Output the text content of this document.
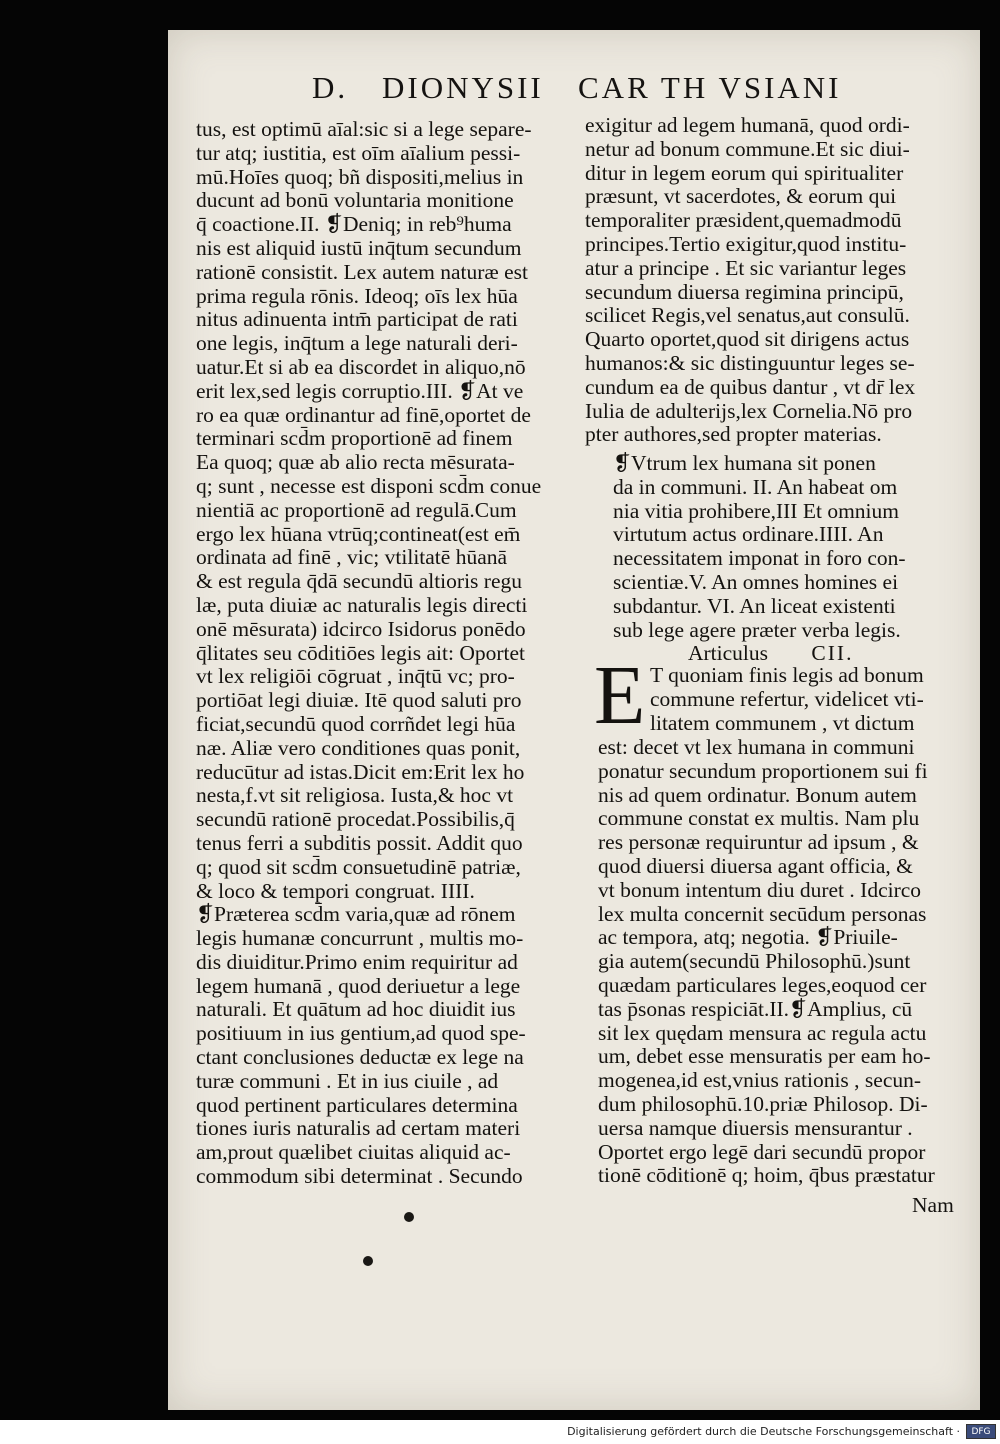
D. DIONYSII CAR TH VSIANI
tus, est optimū aīal:sic si a lege separe-
tur atq; iustitia, est oīm aīalium pessi-
mū.Hoīes quoq; bñ dispositi,melius in
ducunt ad bonū voluntaria monitione
q̄ coactione.II. ❡Deniq; in reb⁹huma
nis est aliquid iustū inq̄tum secundum
rationē consistit. Lex autem naturæ est
prima regula rōnis. Ideoq; oīs lex hūa
nitus adinuenta intm̄ participat de rati
one legis, inq̄tum a lege naturali deri-
uatur.Et si ab ea discordet in aliquo,nō
erit lex,sed legis corruptio.III. ❡At ve
ro ea quæ ordinantur ad finē,oportet de
terminari scd̄m proportionē ad finem
Ea quoq; quæ ab alio recta mēsurata-
q; sunt , necesse est disponi scd̄m conue
nientiā ac proportionē ad regulā.Cum
ergo lex hūana vtrūq;contineat(est em̄
ordinata ad finē , vic; vtilitatē hūanā
& est regula q̄dā secundū altioris regu
læ, puta diuiæ ac naturalis legis directi
onē mēsurata) idcirco Isidorus ponēdo
q̄litates seu cōditiōes legis ait: Oportet
vt lex religiōi cōgruat , inq̄tū vc; pro-
portiōat legi diuiæ. Itē quod saluti pro
ficiat,secundū quod corrñdet legi hūa
næ. Aliæ vero conditiones quas ponit,
reducūtur ad istas.Dicit em:Erit lex ho
nesta,f.vt sit religiosa. Iusta,& hoc vt
secundū rationē procedat.Possibilis,q̄
tenus ferri a subditis possit. Addit quo
q; quod sit scd̄m consuetudinē patriæ,
& loco & tempori congruat. IIII.
❡Præterea scd̄m varia,quæ ad rōnem
legis humanæ concurrunt , multis mo-
dis diuiditur.Primo enim requiritur ad
legem humanā , quod deriuetur a lege
naturali. Et quātum ad hoc diuidit ius
positiuum in ius gentium,ad quod spe-
ctant conclusiones deductæ ex lege na
turæ communi . Et in ius ciuile , ad
quod pertinent particulares determina
tiones iuris naturalis ad certam materi
am,prout quælibet ciuitas aliquid ac-
commodum sibi determinat . Secundo
exigitur ad legem humanā, quod ordi-
netur ad bonum commune.Et sic diui-
ditur in legem eorum qui spiritualiter
præsunt, vt sacerdotes, & eorum qui
temporaliter præsident,quemadmodū
principes.Tertio exigitur,quod institu-
atur a principe . Et sic variantur leges
secundum diuersa regimina principū,
scilicet Regis,vel senatus,aut consulū.
Quarto oportet,quod sit dirigens actus
humanos:& sic distinguuntur leges se-
cundum ea de quibus dantur , vt dr̄ lex
Iulia de adulterijs,lex Cornelia.Nō pro
pter authores,sed propter materias.
❡Vtrum lex humana sit ponen
da in communi. II. An habeat om
nia vitia prohibere,III Et omnium
virtutum actus ordinare.IIII. An
necessitatem imponat in foro con-
scientiæ.V. An omnes homines ei
subdantur. VI. An liceat existenti
sub lege agere præter verba legis.
Articulus CII.
E T quoniam finis legis ad bonum
commune refertur, videlicet vti-
litatem communem , vt dictum
est: decet vt lex humana in communi
ponatur secundum proportionem sui fi
nis ad quem ordinatur. Bonum autem
commune constat ex multis. Nam plu
res personæ requiruntur ad ipsum , &
quod diuersi diuersa agant officia, &
vt bonum intentum diu duret . Idcirco
lex multa concernit secūdum personas
ac tempora, atq; negotia. ❡Priuile-
gia autem(secundū Philosophū.)sunt
quædam particulares leges,eoquod cer
tas p̄sonas respiciāt.II.❡Amplius, cū
sit lex quędam mensura ac regula actu
um, debet esse mensuratis per eam ho-
mogenea,id est,vnius rationis , secun-
dum philosophū.10.priæ Philosop. Di-
uersa namque diuersis mensurantur .
Oportet ergo legē dari secundū propor
tionē cōditionē q; hoim, q̄bus præstatur
Nam
Digitalisierung gefördert durch die Deutsche Forschungsgemeinschaft ·	DFG
